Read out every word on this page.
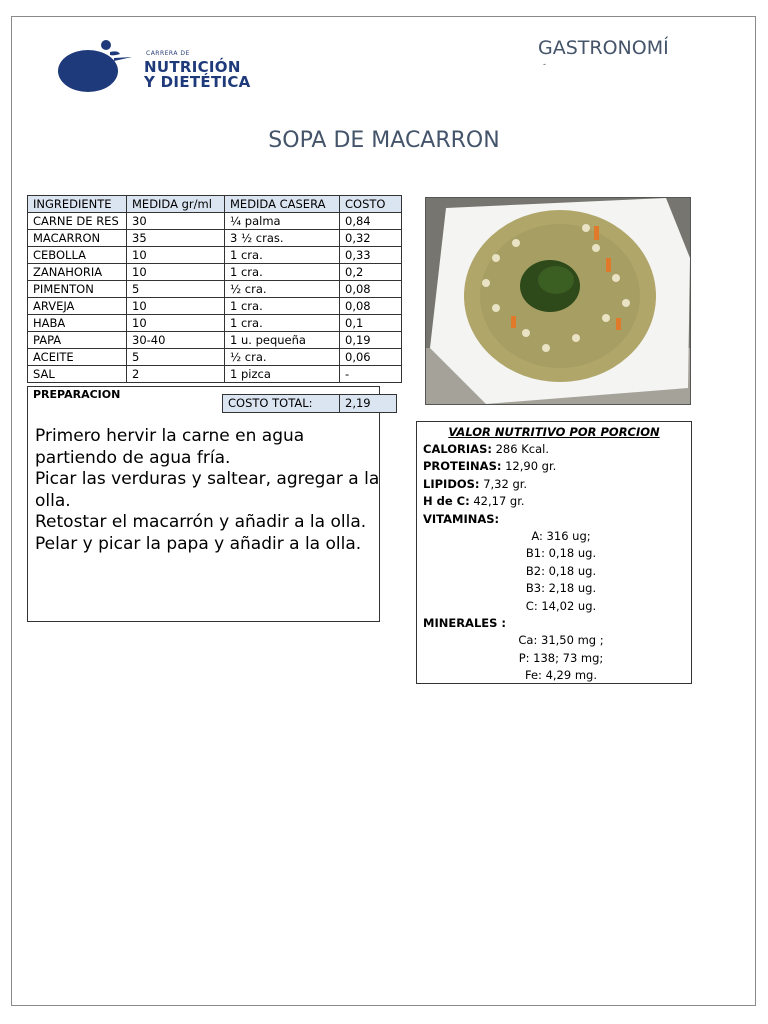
CARRERA DE
NUTRICIÓN
Y DIETÉTICA
GASTRONOMÍ
-
SOPA DE MACARRON
INGREDIENTE	MEDIDA gr/ml	MEDIDA CASERA	COSTO
CARNE DE RES	30	¼ palma	0,84
MACARRON	35	3 ½ cras.	0,32
CEBOLLA	10	1 cra.	0,33
ZANAHORIA	10	1 cra.	0,2
PIMENTON	5	½ cra.	0,08
ARVEJA	10	1 cra.	0,08
HABA	10	1 cra.	0,1
PAPA	30-40	1 u. pequeña	0,19
ACEITE	5	½ cra.	0,06
SAL	2	1 pizca	-
PREPARACION

Primero hervir la carne en agua partiendo de agua fría.

Picar las verduras y saltear, agregar a la olla.

Retostar el macarrón y añadir a la olla.

Pelar y picar la papa y añadir a la olla.

COSTO TOTAL:	2,19
VALOR NUTRITIVO POR PORCION
CALORIAS: 286 Kcal.
PROTEINAS: 12,90 gr.
LIPIDOS: 7,32 gr.
H de C: 42,17 gr.
VITAMINAS:
A: 316 ug;
B1: 0,18 ug.
B2: 0,18 ug.
B3: 2,18 ug.
C: 14,02 ug.
MINERALES :
Ca: 31,50 mg ;
P: 138; 73 mg;
Fe: 4,29 mg.
